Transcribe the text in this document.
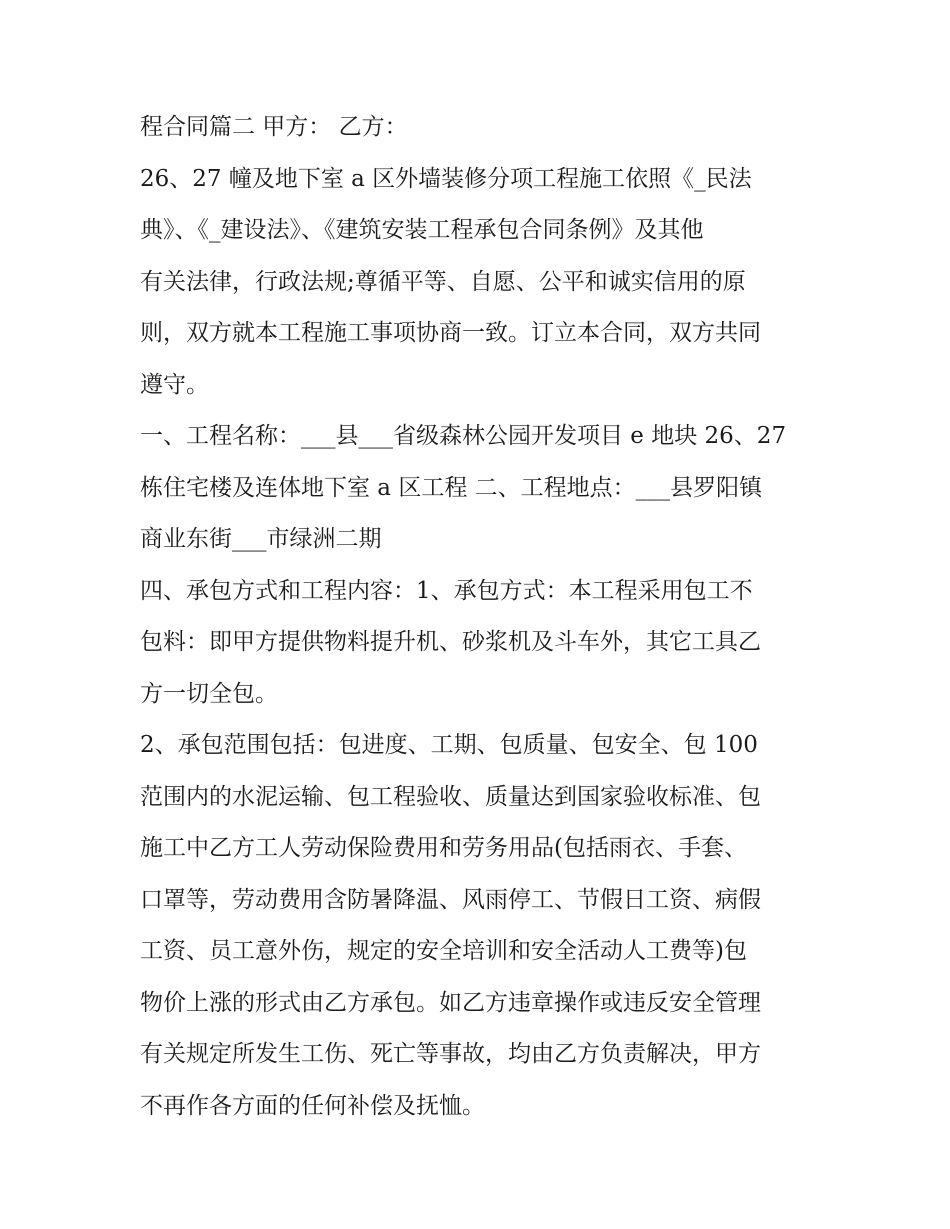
程合同篇二 甲方： 乙方：

26、27 幢及地下室 a 区外墙装修分项工程施工依照《_民法
典》、《_建设法》、《建筑安装工程承包合同条例》及其他
有关法律，行政法规;尊循平等、自愿、公平和诚实信用的原
则，双方就本工程施工事项协商一致。订立本合同，双方共同
遵守。

一、工程名称：___县___省级森林公园开发项目 e 地块 26、27
栋住宅楼及连体地下室 a 区工程 二、工程地点：___县罗阳镇
商业东街___市绿洲二期

四、承包方式和工程内容：1、承包方式：本工程采用包工不
包料：即甲方提供物料提升机、砂浆机及斗车外，其它工具乙
方一切全包。

2、承包范围包括：包进度、工期、包质量、包安全、包 100
范围内的水泥运输、包工程验收、质量达到国家验收标准、包
施工中乙方工人劳动保险费用和劳务用品(包括雨衣、手套、
口罩等，劳动费用含防暑降温、风雨停工、节假日工资、病假
工资、员工意外伤，规定的安全培训和安全活动人工费等)包
物价上涨的形式由乙方承包。如乙方违章操作或违反安全管理
有关规定所发生工伤、死亡等事故，均由乙方负责解决，甲方
不再作各方面的任何补偿及抚恤。
